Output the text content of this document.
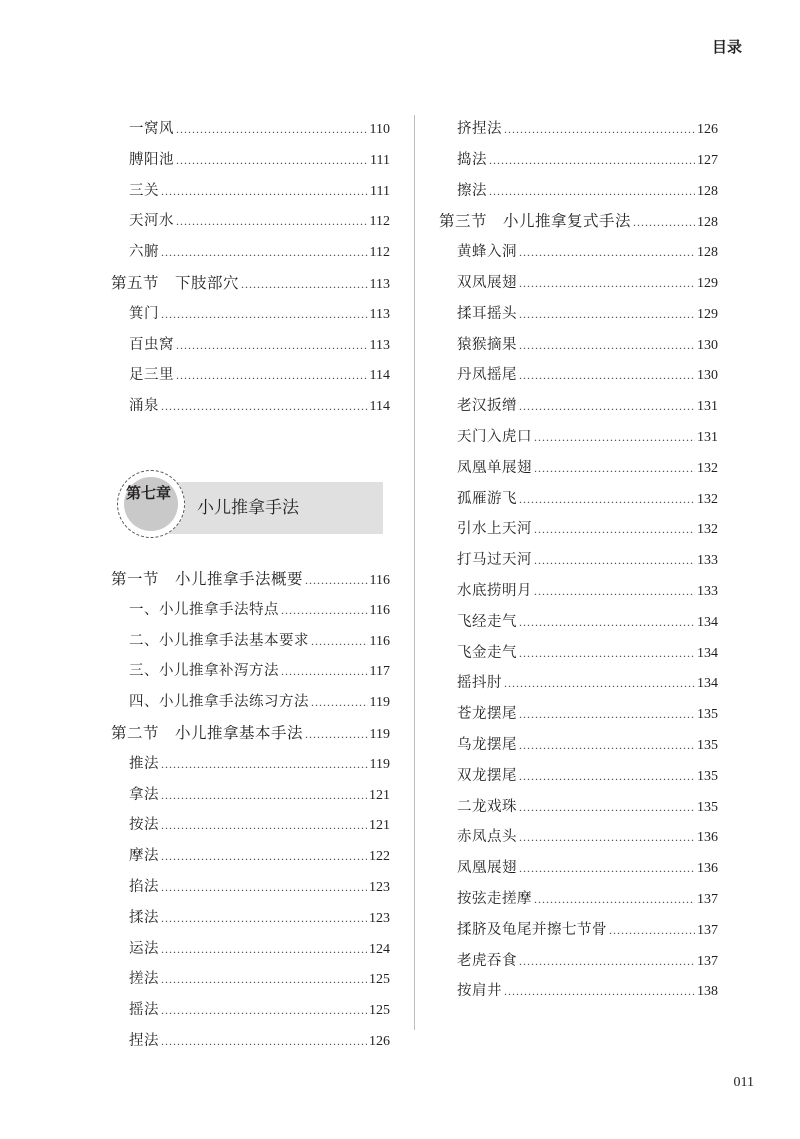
目录
一窝风 .....	110
膊阳池 .....	111
三关 .....	111
天河水 .....	112
六腑 .....	112
第五节　下肢部穴 .....	113
箕门 .....	113
百虫窝 .....	113
足三里 .....	114
涌泉 .....	114
小儿推拿手法
第七章
第一节　小儿推拿手法概要 .....	116
一、小儿推拿手法特点 .....	116
二、小儿推拿手法基本要求 .....	116
三、小儿推拿补泻方法 .....	117
四、小儿推拿手法练习方法 .....	119
第二节　小儿推拿基本手法 .....	119
推法 .....	119
拿法 .....	121
按法 .....	121
摩法 .....	122
掐法 .....	123
揉法 .....	123
运法 .....	124
搓法 .....	125
摇法 .....	125
捏法 .....	126
挤捏法 .....	126
捣法 .....	127
擦法 .....	128
第三节　小儿推拿复式手法 .....	128
黄蜂入洞 .....	128
双凤展翅 .....	129
揉耳摇头 .....	129
猿猴摘果 .....	130
丹凤摇尾 .....	130
老汉扳缯 .....	131
天门入虎口 .....	131
凤凰单展翅 .....	132
孤雁游飞 .....	132
引水上天河 .....	132
打马过天河 .....	133
水底捞明月 .....	133
飞经走气 .....	134
飞金走气 .....	134
摇抖肘 .....	134
苍龙摆尾 .....	135
乌龙摆尾 .....	135
双龙摆尾 .....	135
二龙戏珠 .....	135
赤凤点头 .....	136
凤凰展翅 .....	136
按弦走搓摩 .....	137
揉脐及龟尾并擦七节骨 .....	137
老虎吞食 .....	137
按肩井 .....	138
011
